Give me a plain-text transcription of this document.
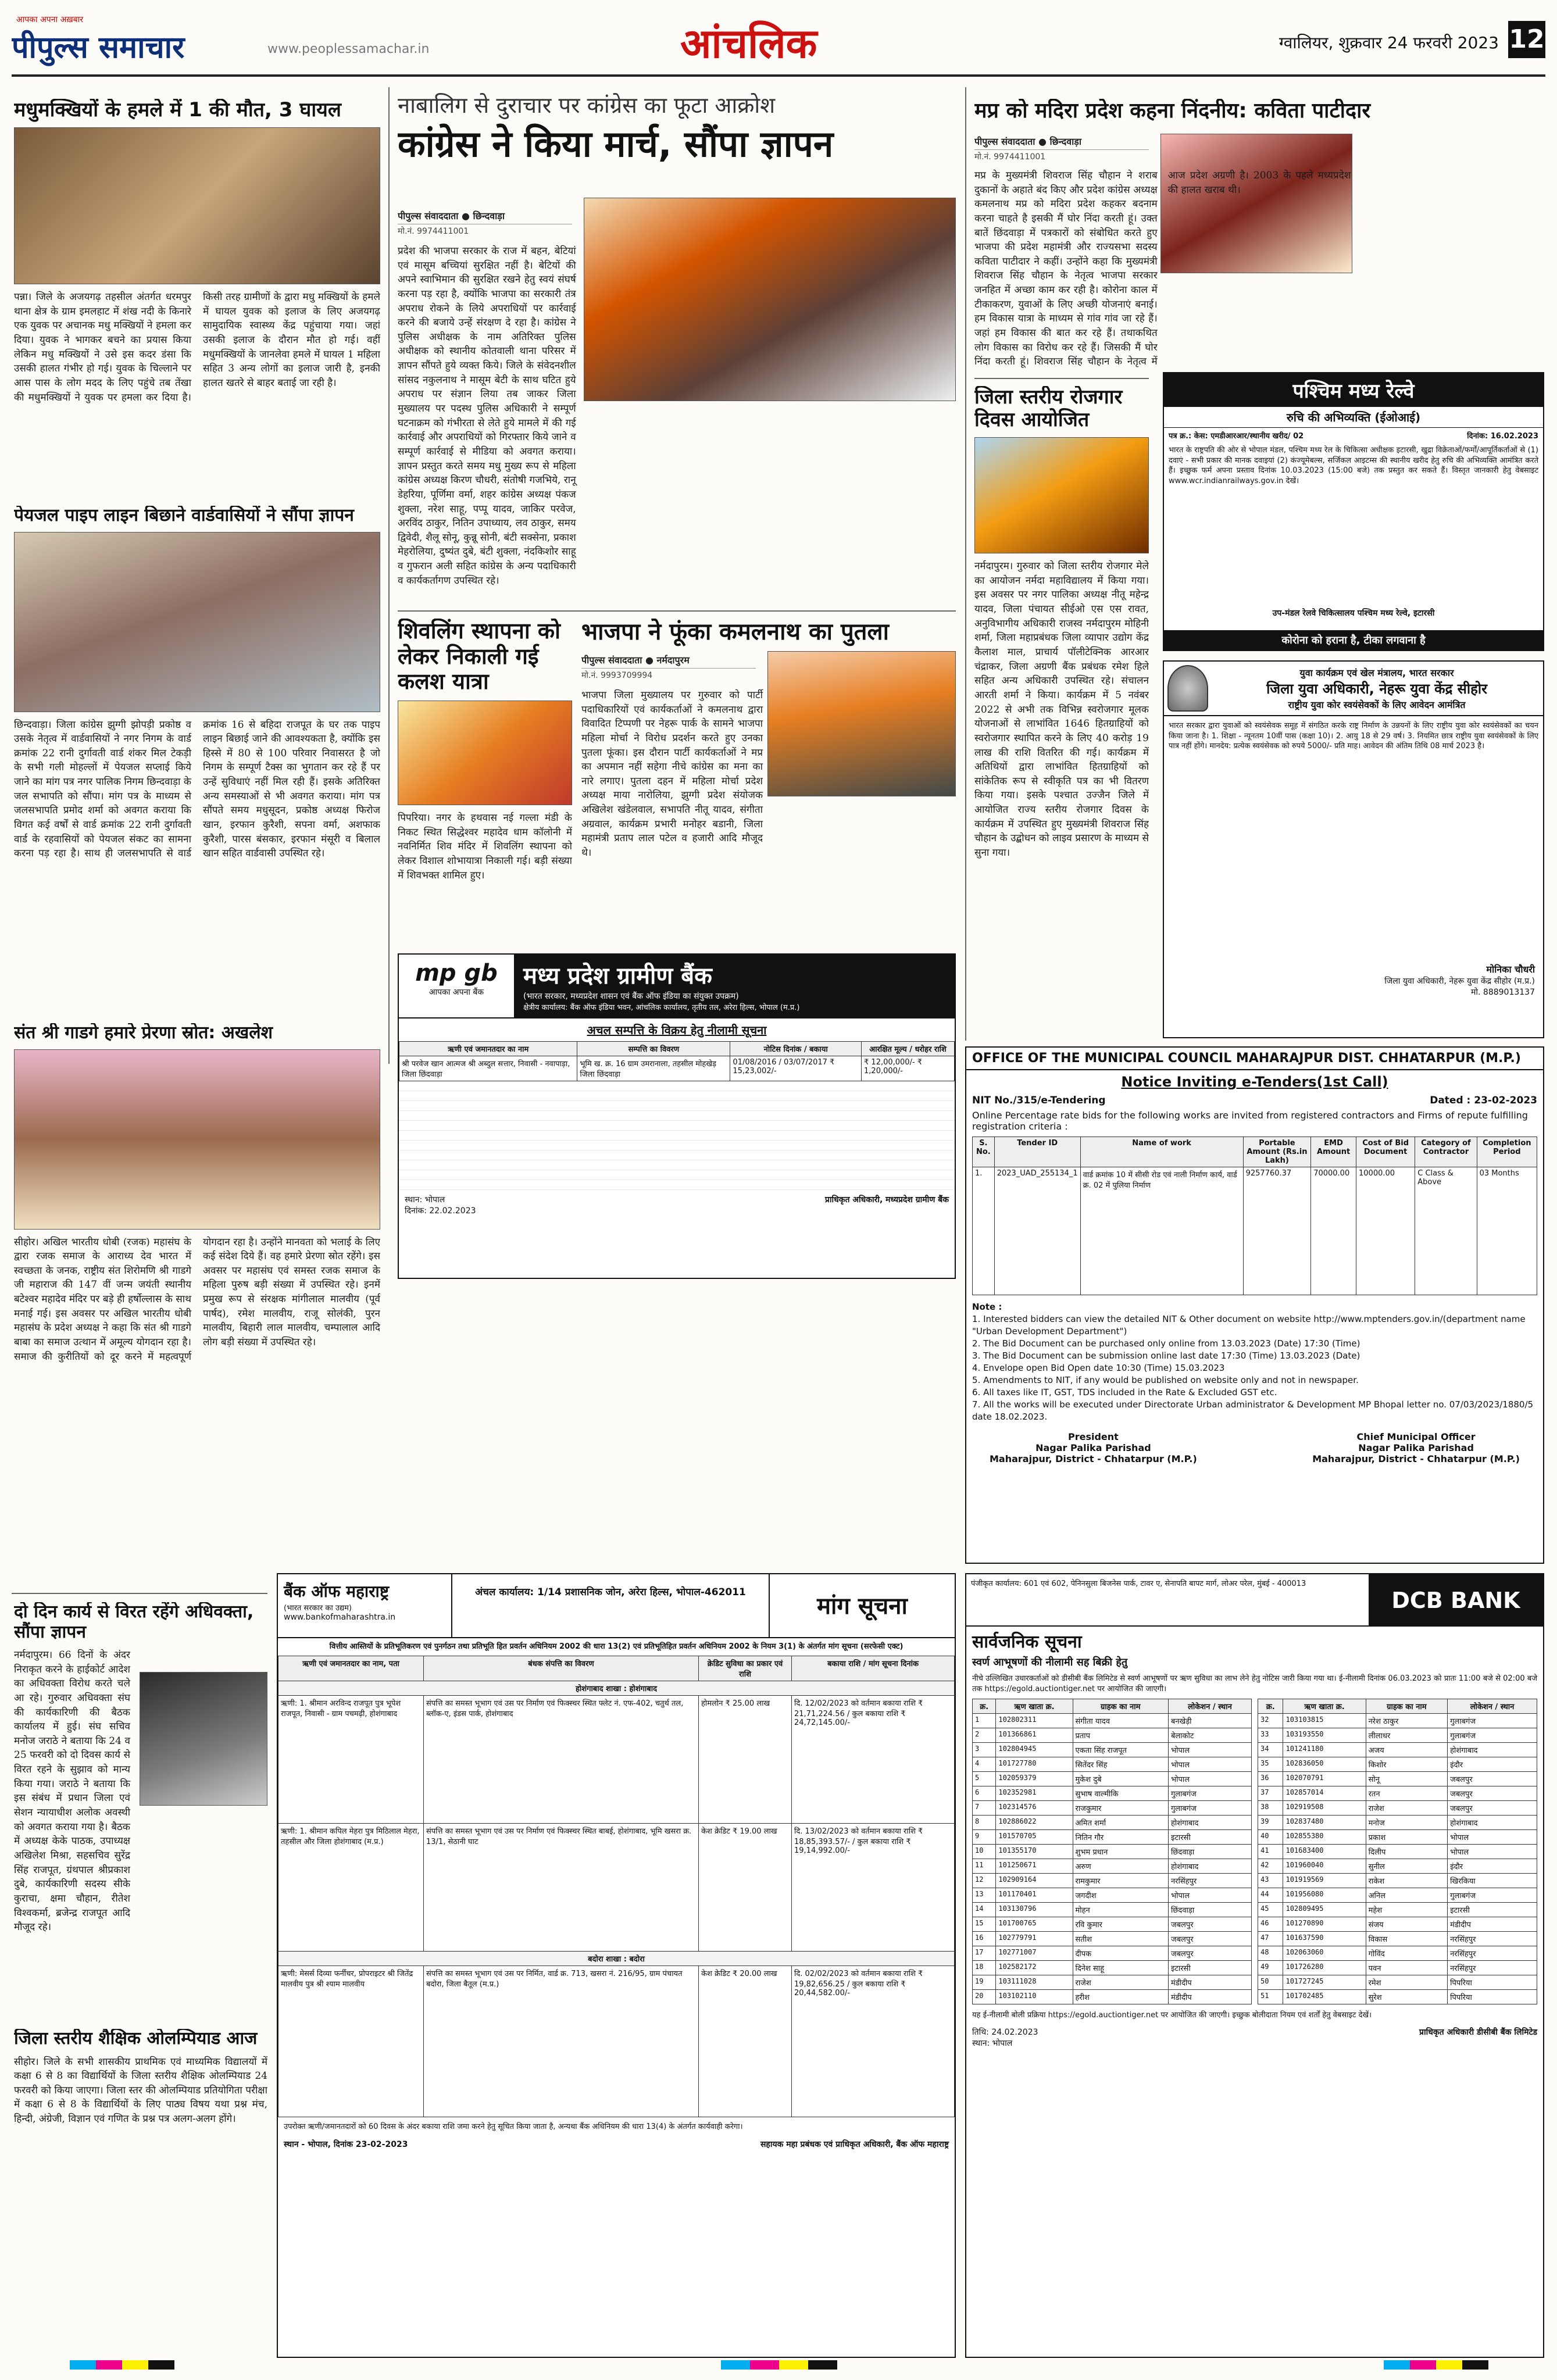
पीपुल्स समाचार
आपका अपना अख़बार
www.peoplessamachar.in	आंचलिक	ग्वालियर, शुक्रवार 24 फरवरी 2023 12
मधुमक्खियों के हमले में 1 की मौत, 3 घायल
पन्ना। जिले के अजयगढ़ तहसील अंतर्गत धरमपुर थाना क्षेत्र के ग्राम इमलहाट में शंख नदी के किनारे एक युवक पर अचानक मधु मक्खियों ने हमला कर दिया। युवक ने भागकर बचने का प्रयास किया लेकिन मधु मक्खियों ने उसे इस कदर डंसा कि उसकी हालत गंभीर हो गई। युवक के चिल्लाने पर आस पास के लोग मदद के लिए पहुंचे तब तेंखा की मधुमक्खियों ने युवक पर हमला कर दिया है। किसी तरह ग्रामीणों के द्वारा मधु मक्खियों के हमले में घायल युवक को इलाज के लिए अजयगढ़ सामुदायिक स्वास्थ्य केंद्र पहुंचाया गया। जहां उसकी इलाज के दौरान मौत हो गई। वहीं मधुमक्खियों के जानलेवा हमले में घायल 1 महिला सहित 3 अन्य लोगों का इलाज जारी है, इनकी हालत खतरे से बाहर बताई जा रही है।
पेयजल पाइप लाइन बिछाने वार्डवासियों ने सौंपा ज्ञापन
छिन्दवाड़ा। जिला कांग्रेस झुग्गी झोपड़ी प्रकोष्ठ व उसके नेतृत्व में वार्डवासियों ने नगर निगम के वार्ड क्रमांक 22 रानी दुर्गावती वार्ड शंकर मिल टेकड़ी के सभी गली मोहल्लों में पेयजल सप्लाई किये जाने का मांग पत्र नगर पालिक निगम छिन्दवाड़ा के जल सभापति को सौंपा। मांग पत्र के माध्यम से जलसभापति प्रमोद शर्मा को अवगत कराया कि विगत कई वर्षों से वार्ड क्रमांक 22 रानी दुर्गावती वार्ड के रहवासियों को पेयजल संकट का सामना करना पड़ रहा है। साथ ही जलसभापति से वार्ड क्रमांक 16 से बहिदा राजपूत के घर तक पाइप लाइन बिछाई जाने की आवश्यकता है, क्योंकि इस हिस्से में 80 से 100 परिवार निवासरत है जो निगम के सम्पूर्ण टैक्स का भुगतान कर रहे हैं पर उन्हें सुविधाएं नहीं मिल रही हैं। इसके अतिरिक्त अन्य समस्याओं से भी अवगत कराया। मांग पत्र सौंपते समय मधुसूदन, प्रकोष्ठ अध्यक्ष फिरोज खान, इरफान कुरैशी, सपना वर्मा, अशफाक कुरैशी, पारस बंसकार, इरफान मंसूरी व बिलाल खान सहित वार्डवासी उपस्थित रहे।
संत श्री गाडगे हमारे प्रेरणा स्रोत: अखलेश
सीहोर। अखिल भारतीय धोबी (रजक) महासंघ के द्वारा रजक समाज के आराध्य देव भारत में स्वच्छता के जनक, राष्ट्रीय संत शिरोमणि श्री गाडगे जी महाराज की 147 वीं जन्म जयंती स्थानीय बटेश्वर महादेव मंदिर पर बड़े ही हर्षोल्लास के साथ मनाई गई। इस अवसर पर अखिल भारतीय धोबी महासंघ के प्रदेश अध्यक्ष ने कहा कि संत श्री गाडगे बाबा का समाज उत्थान में अमूल्य योगदान रहा है। समाज की कुरीतियों को दूर करने में महत्वपूर्ण योगदान रहा है। उन्होंने मानवता को भलाई के लिए कई संदेश दिये हैं। वह हमारे प्रेरणा स्रोत रहेंगे। इस अवसर पर महासंघ एवं समस्त रजक समाज के महिला पुरुष बड़ी संख्या में उपस्थित रहे। इनमें प्रमुख रूप से संरक्षक मांगीलाल मालवीय (पूर्व पार्षद), रमेश मालवीय, राजू सोलंकी, पुरन मालवीय, बिहारी लाल मालवीय, चम्पालाल आदि लोग बड़ी संख्या में उपस्थित रहे।
दो दिन कार्य से विरत रहेंगे अधिवक्ता, सौंपा ज्ञापन
नर्मदापुरम। 66 दिनों के अंदर निराकृत करने के हाईकोर्ट आदेश का अधिवक्ता विरोध करते चले आ रहे। गुरुवार अधिवक्ता संघ की कार्यकारिणी की बैठक कार्यालय में हुई। संघ सचिव मनोज जराठे ने बताया कि 24 व 25 फरवरी को दो दिवस कार्य से विरत रहने के सुझाव को मान्य किया गया। जराठे ने बताया कि इस संबंध में प्रधान जिला एवं सेशन न्यायाधीश अलोक अवस्थी को अवगत कराया गया है। बैठक में अध्यक्ष केके पाठक, उपाध्यक्ष अखिलेश मिश्रा, सहसचिव सुरेंद्र सिंह राजपूत, ग्रंथपाल श्रीप्रकाश दुबे, कार्यकारिणी सदस्य सीके कुराचा, क्षमा चौहान, रीतेश विश्वकर्मा, ब्रजेन्द्र राजपूत आदि मौजूद रहे।
जिला स्तरीय शैक्षिक ओलम्पियाड आज
सीहोर। जिले के सभी शासकीय प्राथमिक एवं माध्यमिक विद्यालयों में कक्षा 6 से 8 का विद्यार्थियों के जिला स्तरीय शैक्षिक ओलम्पियाड 24 फरवरी को किया जाएगा। जिला स्तर की ओलम्पियाड प्रतियोगिता परीक्षा में कक्षा 6 से 8 के विद्यार्थियों के लिए पाठ्य विषय यथा प्रश्न मंच, हिन्दी, अंग्रेजी, विज्ञान एवं गणित के प्रश्न पत्र अलग-अलग होंगे।
नाबालिग से दुराचार पर कांग्रेस का फूटा आक्रोश
कांग्रेस ने किया मार्च, सौंपा ज्ञापन
पीपुल्स संवाददाता ● छिन्दवाड़ा
मो.नं. 9974411001
प्रदेश की भाजपा सरकार के राज में बहन, बेटियां एवं मासूम बच्चियां सुरक्षित नहीं है। बेटियों की अपने स्वाभिमान की सुरक्षित रखने हेतु स्वयं संघर्ष करना पड़ रहा है, क्योंकि भाजपा का सरकारी तंत्र अपराध रोकने के लिये अपराधियों पर कार्रवाई करने की बजाये उन्हें संरक्षण दे रहा है। कांग्रेस ने पुलिस अधीक्षक के नाम अतिरिक्त पुलिस अधीक्षक को स्थानीय कोतवाली थाना परिसर में ज्ञापन सौंपते हुये व्यक्त किये। जिले के संवेदनशील सांसद नकुलनाथ ने मासूम बेटी के साथ घटित हुये अपराध पर संज्ञान लिया तब जाकर जिला मुख्यालय पर पदस्थ पुलिस अधिकारी ने सम्पूर्ण घटनाक्रम को गंभीरता से लेते हुये मामले में की गई कार्रवाई और अपराधियों को गिरफ्तार किये जाने व सम्पूर्ण कार्रवाई से मीडिया को अवगत कराया। ज्ञापन प्रस्तुत करते समय मधु मुख्य रूप से महिला कांग्रेस अध्यक्ष किरण चौधरी, संतोषी गजभिये, रानू डेहरिया, पूर्णिमा वर्मा, शहर कांग्रेस अध्यक्ष पंकज शुक्ला, नरेश साहू, पप्पू यादव, जाकिर परवेज, अरविंद ठाकुर, नितिन उपाध्याय, लव ठाकुर, समय द्विवेदी, शैलू सोनू, कुन्नू सोनी, बंटी सक्सेना, प्रकाश मेहरोलिया, दुष्यंत दुबे, बंटी शुक्ला, नंदकिशोर साहू व गुफरान अली सहित कांग्रेस के अन्य पदाधिकारी व कार्यकर्तागण उपस्थित रहे।
शिवलिंग स्थापना को लेकर निकाली गई कलश यात्रा
पिपरिया। नगर के हथवास नई गल्ला मंडी के निकट स्थित सिद्धेश्वर महादेव धाम कॉलोनी में नवनिर्मित शिव मंदिर में शिवलिंग स्थापना को लेकर विशाल शोभायात्रा निकाली गई। बड़ी संख्या में शिवभक्त शामिल हुए।
भाजपा ने फूंका कमलनाथ का पुतला
पीपुल्स संवाददाता ● नर्मदापुरम
मो.नं. 9993709994
भाजपा जिला मुख्यालय पर गुरुवार को पार्टी पदाधिकारियों एवं कार्यकर्ताओं ने कमलनाथ द्वारा विवादित टिप्पणी पर नेहरू पार्क के सामने भाजपा महिला मोर्चा ने विरोध प्रदर्शन करते हुए उनका पुतला फूंका। इस दौरान पार्टी कार्यकर्ताओं ने मप्र का अपमान नहीं सहेगा नीचे कांग्रेस का मना का नारे लगाए। पुतला दहन में महिला मोर्चा प्रदेश अध्यक्ष माया नारोलिया, झुग्गी प्रदेश संयोजक अखिलेश खंडेलवाल, सभापति नीतू यादव, संगीता अग्रवाल, कार्यक्रम प्रभारी मनोहर बडानी, जिला महामंत्री प्रताप लाल पटेल व हजारी आदि मौजूद थे।
mp gb
आपका अपना बैंक
मध्य प्रदेश ग्रामीण बैंक
(भारत सरकार, मध्यप्रदेश शासन एवं बैंक ऑफ इंडिया का संयुक्त उपक्रम)
क्षेत्रीय कार्यालय: बैंक ऑफ इंडिया भवन, आंचलिक कार्यालय, तृतीय तल, अरेरा हिल्स, भोपाल (म.प्र.)
अचल सम्पत्ति के विक्रय हेतु नीलामी सूचना
ऋणी एवं जमानतदार का नाम	सम्पत्ति का विवरण	नोटिस दिनांक / बकाया	आरक्षित मूल्य / धरोहर राशि
श्री परवेज खान आत्मज श्री अब्दुल सत्तार, निवासी - नवापाड़ा, जिला छिंदवाड़ा	भूमि ख. क्र. 16 ग्राम उमरानाला, तहसील मोहखेड़ जिला छिंदवाड़ा	01/08/2016 / 03/07/2017 ₹ 15,23,002/-	₹ 12,00,000/- ₹ 1,20,000/-
स्थान: भोपाल
दिनांक: 22.02.2023
प्राधिकृत अधिकारी, मध्यप्रदेश ग्रामीण बैंक
मप्र को मदिरा प्रदेश कहना निंदनीय: कविता पाटीदार
पीपुल्स संवाददाता ● छिन्दवाड़ा
मो.नं. 9974411001
मप्र के मुख्यमंत्री शिवराज सिंह चौहान ने शराब दुकानों के अहाते बंद किए और प्रदेश कांग्रेस अध्यक्ष कमलनाथ मप्र को मदिरा प्रदेश कहकर बदनाम करना चाहते है इसकी मैं घोर निंदा करती हूं। उक्त बातें छिंदवाड़ा में पत्रकारों को संबोधित करते हुए भाजपा की प्रदेश महामंत्री और राज्यसभा सदस्य कविता पाटीदार ने कहीं। उन्होंने कहा कि मुख्यमंत्री शिवराज सिंह चौहान के नेतृत्व भाजपा सरकार जनहित में अच्छा काम कर रही है। कोरोना काल में टीकाकरण, युवाओं के लिए अच्छी योजनाएं बनाई। हम विकास यात्रा के माध्यम से गांव गांव जा रहे हैं। जहां हम विकास की बात कर रहे हैं। तथाकथित लोग विकास का विरोध कर रहे हैं। जिसकी मैं घोर निंदा करती हूं। शिवराज सिंह चौहान के नेतृत्व में आज प्रदेश अग्रणी है। 2003 के पहले मध्यप्रदेश की हालत खराब थी।
जिला स्तरीय रोजगार दिवस आयोजित
नर्मदापुरम। गुरुवार को जिला स्तरीय रोजगार मेले का आयोजन नर्मदा महाविद्यालय में किया गया। इस अवसर पर नगर पालिका अध्यक्ष नीतू महेन्द्र यादव, जिला पंचायत सीईओ एस एस रावत, अनुविभागीय अधिकारी राजस्व नर्मदापुरम मोहिनी शर्मा, जिला महाप्रबंधक जिला व्यापार उद्योग केंद्र कैलाश माल, प्राचार्य पॉलीटेक्निक आरआर चंद्राकर, जिला अग्रणी बैंक प्रबंधक रमेश हिले सहित अन्य अधिकारी उपस्थित रहे। संचालन आरती शर्मा ने किया। कार्यक्रम में 5 नवंबर 2022 से अभी तक विभिन्न स्वरोजगार मूलक योजनाओं से लाभांवित 1646 हितग्राहियों को स्वरोजगार स्थापित करने के लिए 40 करोड़ 19 लाख की राशि वितरित की गई। कार्यक्रम में अतिथियों द्वारा लाभांवित हितग्राहियों को सांकेतिक रूप से स्वीकृति पत्र का भी वितरण किया गया। इसके पश्चात उज्जैन जिले में आयोजित राज्य स्तरीय रोजगार दिवस के कार्यक्रम में उपस्थित हुए मुख्यमंत्री शिवराज सिंह चौहान के उद्बोधन को लाइव प्रसारण के माध्यम से सुना गया।
पश्चिम मध्य रेल्वे
रुचि की अभिव्यक्ति (ईओआई)
पत्र क्र.: केस: एमडीआरआर/स्थानीय खरीद/ 02	दिनांक: 16.02.2023
भारत के राष्ट्रपति की ओर से भोपाल मंडल, पश्चिम मध्य रेल के चिकित्सा अधीक्षक इटारसी, खुद्रा विक्रेताओं/फर्मों/आपूर्तिकर्ताओं से (1) दवाएं - सभी प्रकार की मानक दवाइयां (2) कंज्यूमेबल्स, सर्जिकल आइटम्स की स्थानीय खरीद हेतु रुचि की अभिव्यक्ति आमंत्रित करते हैं। इच्छुक फर्म अपना प्रस्ताव दिनांक 10.03.2023 (15:00 बजे) तक प्रस्तुत कर सकते हैं। विस्तृत जानकारी हेतु वेबसाइट www.wcr.indianrailways.gov.in देखें।
उप-मंडल रेलवे चिकित्सालय पश्चिम मध्य रेल्वे, इटारसी
कोरोना को हराना है, टीका लगवाना है
युवा कार्यक्रम एवं खेल मंत्रालय, भारत सरकार
जिला युवा अधिकारी, नेहरू युवा केंद्र सीहोर
राष्ट्रीय युवा कोर स्वयंसेवकों के लिए आवेदन आमंत्रित
भारत सरकार द्वारा युवाओं को स्वयंसेवक समूह में संगठित करके राष्ट्र निर्माण के उन्नयनों के लिए राष्ट्रीय युवा कोर स्वयंसेवकों का चयन किया जाना है। 1. शिक्षा - न्यूनतम 10वीं पास (कक्षा 10)। 2. आयु 18 से 29 वर्ष। 3. नियमित छात्र राष्ट्रीय युवा स्वयंसेवकों के लिए पात्र नहीं होंगे। मानदेय: प्रत्येक स्वयंसेवक को रुपये 5000/- प्रति माह। आवेदन की अंतिम तिथि 08 मार्च 2023 है।
मोनिका चौधरी
जिला युवा अधिकारी, नेहरू युवा केंद्र सीहोर (म.प्र.)
मो. 8889013137
OFFICE OF THE MUNICIPAL COUNCIL MAHARAJPUR DIST. CHHATARPUR (M.P.)
Notice Inviting e-Tenders(1st Call)
NIT No./315/e-Tendering	Dated : 23-02-2023
Online Percentage rate bids for the following works are invited from registered contractors and Firms of repute fulfilling registration criteria :
S. No.	Tender ID	Name of work	Portable Amount (Rs.in Lakh)	EMD Amount	Cost of Bid Document	Category of Contractor	Completion Period
1.	2023_UAD_255134_1	वार्ड क्रमांक 10 में सीसी रोड एवं नाली निर्माण कार्य, वार्ड क्र. 02 में पुलिया निर्माण	9257760.37	70000.00	10000.00	C Class & Above	03 Months
Note :
1. Interested bidders can view the detailed NIT & Other document on website http://www.mptenders.gov.in/(department name "Urban Development Department")
2. The Bid Document can be purchased only online from 13.03.2023 (Date) 17:30 (Time)
3. The Bid Document can be submission online last date 17:30 (Time) 13.03.2023 (Date)
4. Envelope open Bid Open date 10:30 (Time) 15.03.2023
5. Amendments to NIT, if any would be published on website only and not in newspaper.
6. All taxes like IT, GST, TDS included in the Rate & Excluded GST etc.
7. All the works will be executed under Directorate Urban administrator & Development MP Bhopal letter no. 07/03/2023/1880/5 date 18.02.2023.
President
Nagar Palika Parishad
Maharajpur, District - Chhatarpur (M.P.)
Chief Municipal Officer
Nagar Palika Parishad
Maharajpur, District - Chhatarpur (M.P.)
बैंक ऑफ महाराष्ट्र
(भारत सरकार का उद्यम)
www.bankofmaharashtra.in
अंचल कार्यालय: 1/14 प्रशासनिक जोन, अरेरा हिल्स, भोपाल-462011
मांग सूचना
वित्तीय आस्तियों के प्रतिभूतिकरण एवं पुनर्गठन तथा प्रतिभूति हित प्रवर्तन अधिनियम 2002 की धारा 13(2) एवं प्रतिभूतिहित प्रवर्तन अधिनियम 2002 के नियम 3(1) के अंतर्गत मांग सूचना (सरफेसी एक्ट)
ऋणी एवं जमानतदार का नाम, पता	बंधक संपत्ति का विवरण	क्रेडिट सुविधा का प्रकार एवं राशि	बकाया राशि / मांग सूचना दिनांक
होशंगाबाद शाखा : होशंगाबाद			
ऋणी: 1. श्रीमान अरविन्द राजपूत पुत्र भूपेश राजपूत, निवासी - ग्राम पचमढ़ी, होशंगाबाद	संपत्ति का समस्त भूभाग एवं उस पर निर्माण एवं फिक्स्चर स्थित फ्लेट नं. एफ-402, चतुर्थ तल, ब्लॉक-ए, इंडस पार्क, होशंगाबाद	होमलोन ₹ 25.00 लाख	दि. 12/02/2023 को वर्तमान बकाया राशि ₹ 21,71,224.56 / कुल बकाया राशि ₹ 24,72,145.00/-
ऋणी: 1. श्रीमान कपिल मेहरा पुत्र मिठिलाल मेहरा, तहसील और जिला होशंगाबाद (म.प्र.)	संपत्ति का समस्त भूभाग एवं उस पर निर्माण एवं फिक्स्चर स्थित बाबई, होशंगाबाद, भूमि खसरा क्र. 13/1, सेठानी घाट	केश क्रेडिट ₹ 19.00 लाख	दि. 13/02/2023 को वर्तमान बकाया राशि ₹ 18,85,393.57/- / कुल बकाया राशि ₹ 19,14,992.00/-
बदोरा शाखा : बदोरा			
ऋणी: मेसर्स दिव्या फर्नीचर, प्रोपराइटर श्री जितेंद्र मालवीय पुत्र श्री श्याम मालवीय	संपत्ति का समस्त भूभाग एवं उस पर निर्मित, वार्ड क्र. 713, खसरा नं. 216/95, ग्राम पंचायत बदोरा, जिला बैतूल (म.प्र.)	केश क्रेडिट ₹ 20.00 लाख	दि. 02/02/2023 को वर्तमान बकाया राशि ₹ 19,82,656.25 / कुल बकाया राशि ₹ 20,44,582.00/-
उपरोक्त ऋणी/जमानतदारों को 60 दिवस के अंदर बकाया राशि जमा करने हेतु सूचित किया जाता है, अन्यथा बैंक अधिनियम की धारा 13(4) के अंतर्गत कार्यवाही करेगा।
स्थान - भोपाल, दिनांक 23-02-2023	सहायक महा प्रबंधक एवं प्राधिकृत अधिकारी, बैंक ऑफ महाराष्ट्र
पंजीकृत कार्यालय: 601 एवं 602, पेनिनसुला बिजनेस पार्क, टावर ए, सेनापति बापट मार्ग, लोअर परेल, मुंबई - 400013
DCB BANK
सार्वजनिक सूचना
स्वर्ण आभूषणों की नीलामी सह बिक्री हेतु
नीचे उल्लिखित उधारकर्ताओं को डीसीबी बैंक लिमिटेड से स्वर्ण आभूषणों पर ऋण सुविधा का लाभ लेने हेतु नोटिस जारी किया गया था। ई-नीलामी दिनांक 06.03.2023 को प्रातः 11:00 बजे से 02:00 बजे तक https://egold.auctiontiger.net पर आयोजित की जाएगी।
क्र.	ऋण खाता क्र.	ग्राहक का नाम	लोकेशन / स्थान
1	102802311	संगीता यादव	बनखेड़ी
2	101366861	प्रताप	बेलाकोट
3	102804945	एकता सिंह राजपूत	भोपाल
4	101727780	सितेंदर सिंह	भोपाल
5	102059379	मुकेश दुबे	भोपाल
6	102352981	सुभाष वाल्मीकि	गुलाबगंज
7	102314576	राजकुमार	गुलाबगंज
8	102886022	अमित शर्मा	होशंगाबाद
9	101570705	नितिन गौर	इटारसी
10	101355170	शुभम प्रधान	छिंदवाड़ा
11	101250671	अरुण	होशंगाबाद
12	102909164	रामकुमार	नरसिंहपुर
13	101170401	जगदीश	भोपाल
14	103130796	मोहन	छिंदवाड़ा
15	101700765	रवि कुमार	जबलपुर
16	102779791	सतीश	जबलपुर
17	102771007	दीपक	जबलपुर
18	102582172	दिनेश साहू	इटारसी
19	103111028	राजेश	मंडीदीप
20	103102110	हरीश	मंडीदीप
क्र.	ऋण खाता क्र.	ग्राहक का नाम	लोकेशन / स्थान
32	103103815	नरेश ठाकुर	गुलाबगंज
33	103193550	लीलाधर	गुलाबगंज
34	101241180	अजय	होशंगाबाद
35	102836050	किशोर	इंदौर
36	102070791	सोनू	जबलपुर
37	102857014	रतन	जबलपुर
38	102919508	राजेश	जबलपुर
39	102837480	मनोज	होशंगाबाद
40	102855380	प्रकाश	भोपाल
41	101683400	दिलीप	भोपाल
42	101960040	सुनील	इंदौर
43	101919569	राकेश	खिरकिया
44	101956080	अनिल	गुलाबगंज
45	102809495	महेश	इटारसी
46	101270890	संजय	मंडीदीप
47	101637590	विकास	नरसिंहपुर
48	102063060	गोविंद	नरसिंहपुर
49	101726280	पवन	नरसिंहपुर
50	101727245	रमेश	पिपरिया
51	101702485	सुरेश	पिपरिया
यह ई-नीलामी बोली प्रक्रिया https://egold.auctiontiger.net पर आयोजित की जाएगी। इच्छुक बोलीदाता नियम एवं शर्तों हेतु वेबसाइट देखें।
तिथि: 24.02.2023
स्थान: भोपाल
प्राधिकृत अधिकारी डीसीबी बैंक लिमिटेड
